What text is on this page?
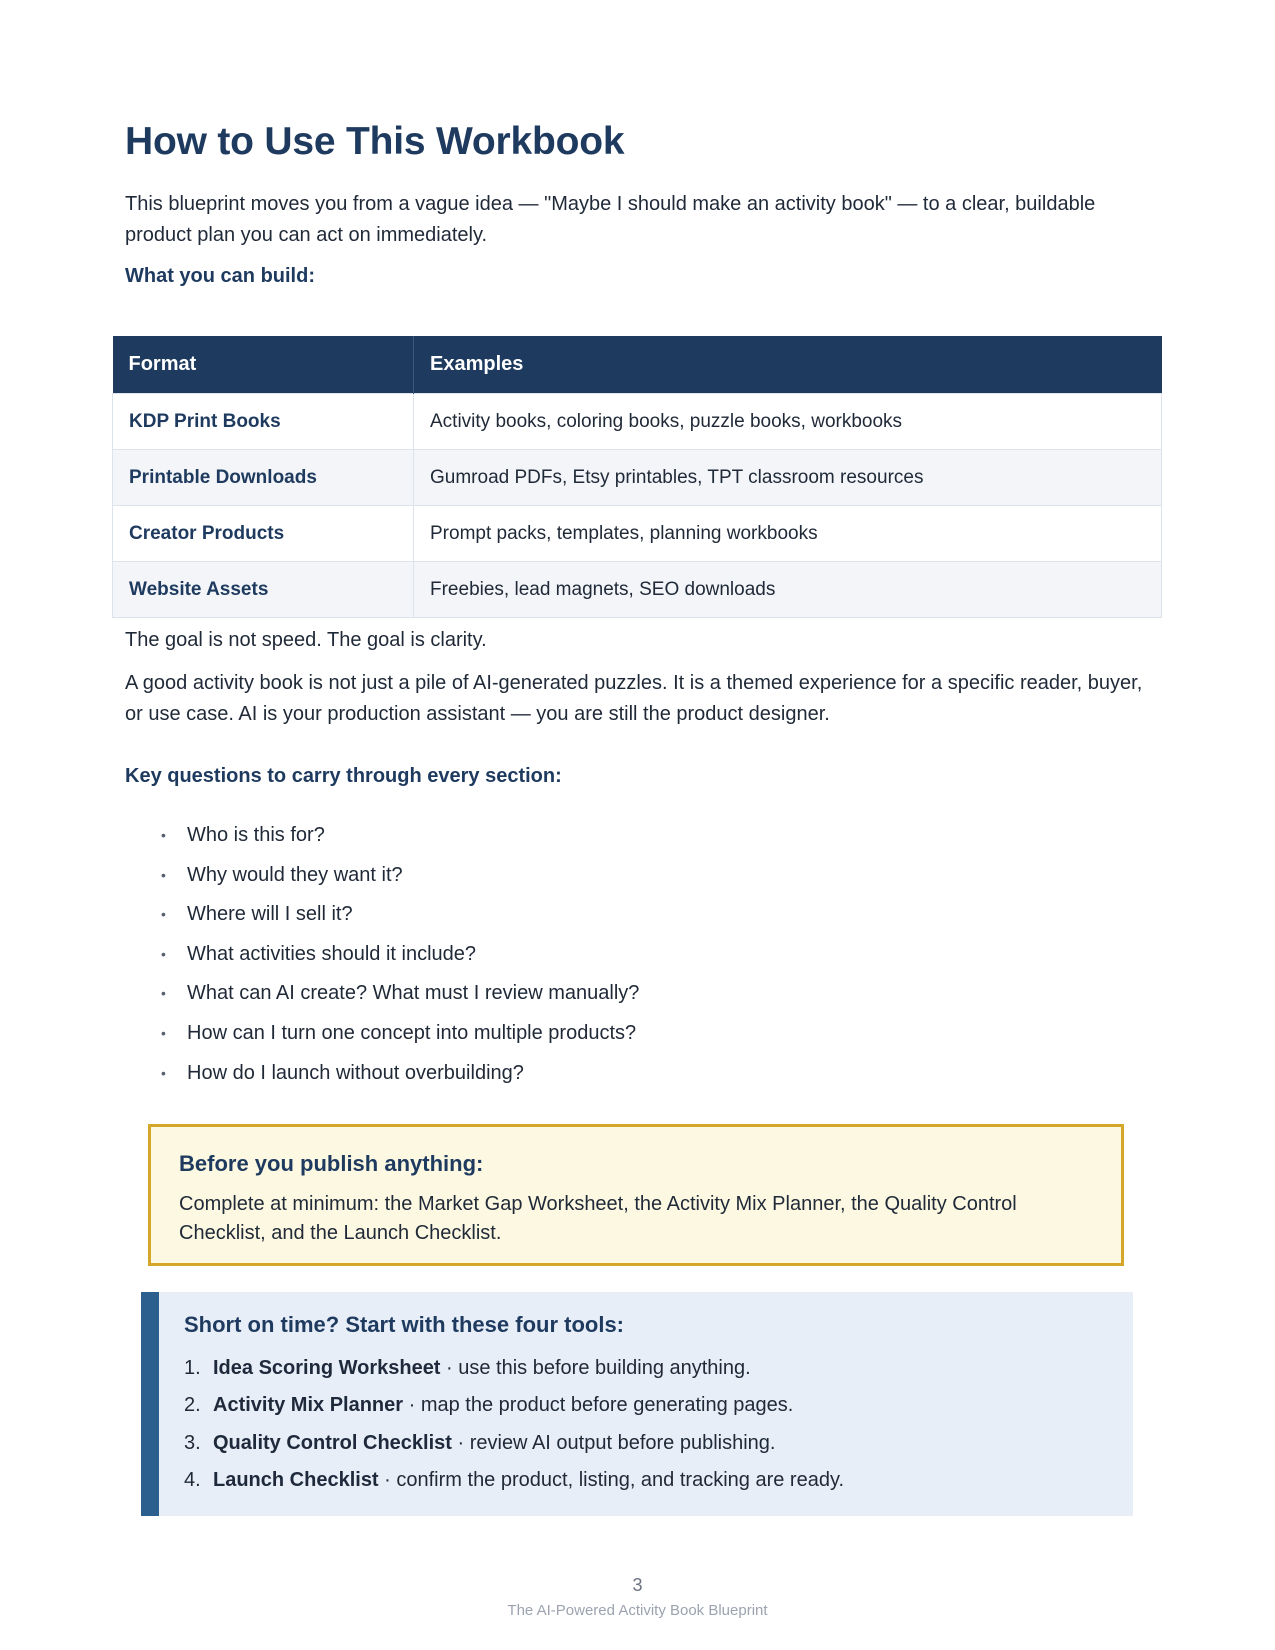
How to Use This Workbook

This blueprint moves you from a vague idea — "Maybe I should make an activity book" — to a clear, buildable product plan you can act on immediately.

What you can build:
Format	Examples
KDP Print Books	Activity books, coloring books, puzzle books, workbooks
Printable Downloads	Gumroad PDFs, Etsy printables, TPT classroom resources
Creator Products	Prompt packs, templates, planning workbooks
Website Assets	Freebies, lead magnets, SEO downloads

The goal is not speed. The goal is clarity.

A good activity book is not just a pile of AI-generated puzzles. It is a themed experience for a specific reader, buyer, or use case. AI is your production assistant — you are still the product designer.

Key questions to carry through every section:
• Who is this for?
• Why would they want it?
• Where will I sell it?
• What activities should it include?
• What can AI create? What must I review manually?
• How can I turn one concept into multiple products?
• How do I launch without overbuilding?
Before you publish anything:

Complete at minimum: the Market Gap Worksheet, the Activity Mix Planner, the Quality Control Checklist, and the Launch Checklist.

Short on time? Start with these four tools:
1. Idea Scoring Worksheet · use this before building anything.
2. Activity Mix Planner · map the product before generating pages.
3. Quality Control Checklist · review AI output before publishing.
4. Launch Checklist · confirm the product, listing, and tracking are ready.
3
The AI-Powered Activity Book Blueprint
